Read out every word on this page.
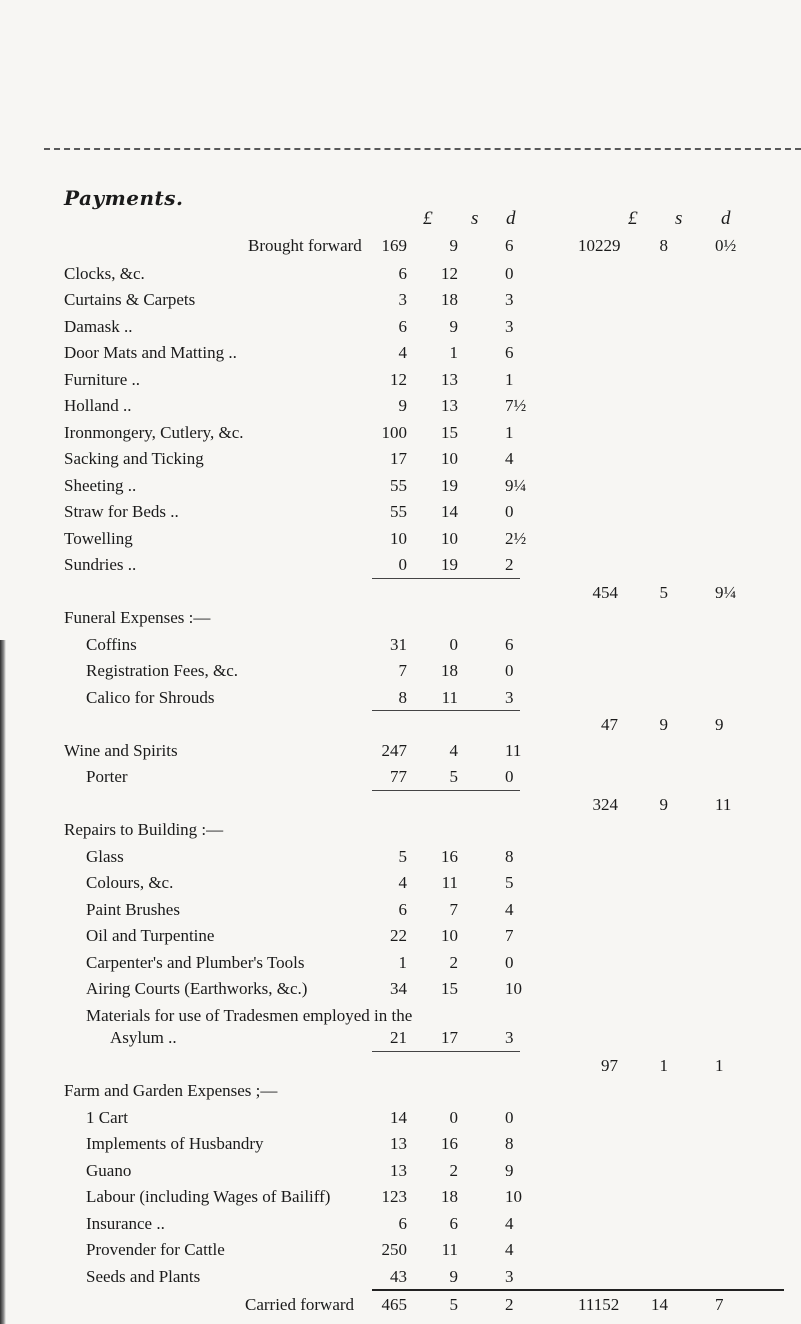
Payments.
£ s d	£ s d
Brought forward	169	9	6	10229	8	0½
Clocks, &c.	6	12	0
Curtains & Carpets	3	18	3
Damask ..	6	9	3
Door Mats and Matting ..	4	1	6
Furniture ..	12	13	1
Holland ..	9	13	7½
Ironmongery, Cutlery, &c.	100	15	1
Sacking and Ticking	17	10	4
Sheeting ..	55	19	9¼
Straw for Beds ..	55	14	0
Towelling	10	10	2½
Sundries ..	0	19	2
454	5	9¼
Funeral Expenses :—
Coffins	31	0	6
Registration Fees, &c.	7	18	0
Calico for Shrouds	8	11	3
47	9	9
Wine and Spirits	247	4	11
Porter	77	5	0
324	9	11
Repairs to Building :—
Glass	5	16	8
Colours, &c.	4	11	5
Paint Brushes	6	7	4
Oil and Turpentine	22	10	7
Carpenter's and Plumber's Tools	1	2	0
Airing Courts (Earthworks, &c.)	34	15	10
Materials for use of Tradesmen employed in the
Asylum ..	21	17	3
97	1	1
Farm and Garden Expenses ;—
1 Cart	14	0	0
Implements of Husbandry	13	16	8
Guano	13	2	9
Labour (including Wages of Bailiff)	123	18	10
Insurance ..	6	6	4
Provender for Cattle	250	11	4
Seeds and Plants	43	9	3
Carried forward	465	5	2	11152	14	7
